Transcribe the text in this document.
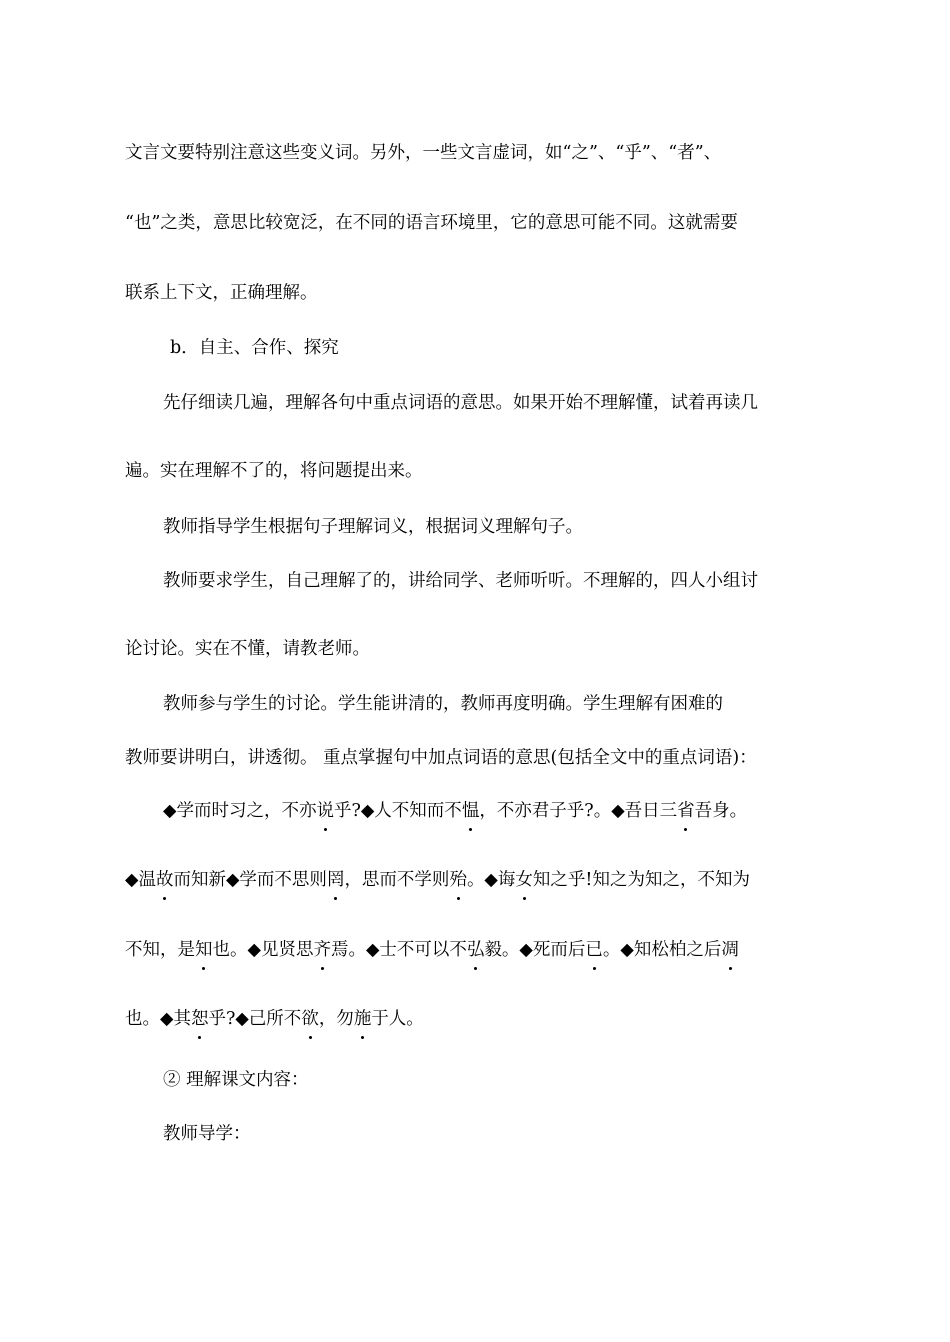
文言文要特别注意这些变义词。另外，一些文言虚词，如“之”、“乎”、“者”、
“也”之类，意思比较宽泛，在不同的语言环境里，它的意思可能不同。这就需要
联系上下文，正确理解。
b．自主、合作、探究
先仔细读几遍，理解各句中重点词语的意思。如果开始不理解懂，试着再读几
遍。实在理解不了的，将问题提出来。
教师指导学生根据句子理解词义，根据词义理解句子。
教师要求学生，自己理解了的，讲给同学、老师听听。不理解的，四人小组讨
论讨论。实在不懂，请教老师。
教师参与学生的讨论。学生能讲清的，教师再度明确。学生理解有困难的
教师要讲明白，讲透彻。 重点掌握句中加点词语的意思(包括全文中的重点词语)：
◆学而时习之，不亦说乎?◆人不知而不愠，不亦君子乎?。◆吾日三省吾身。
◆温故而知新◆学而不思则罔，思而不学则殆。◆诲女知之乎!知之为知之，不知为
不知，是知也。◆见贤思齐焉。◆士不可以不弘毅。◆死而后已。◆知松柏之后凋
也。◆其恕乎?◆己所不欲，勿施于人。
② 理解课文内容：
教师导学：
